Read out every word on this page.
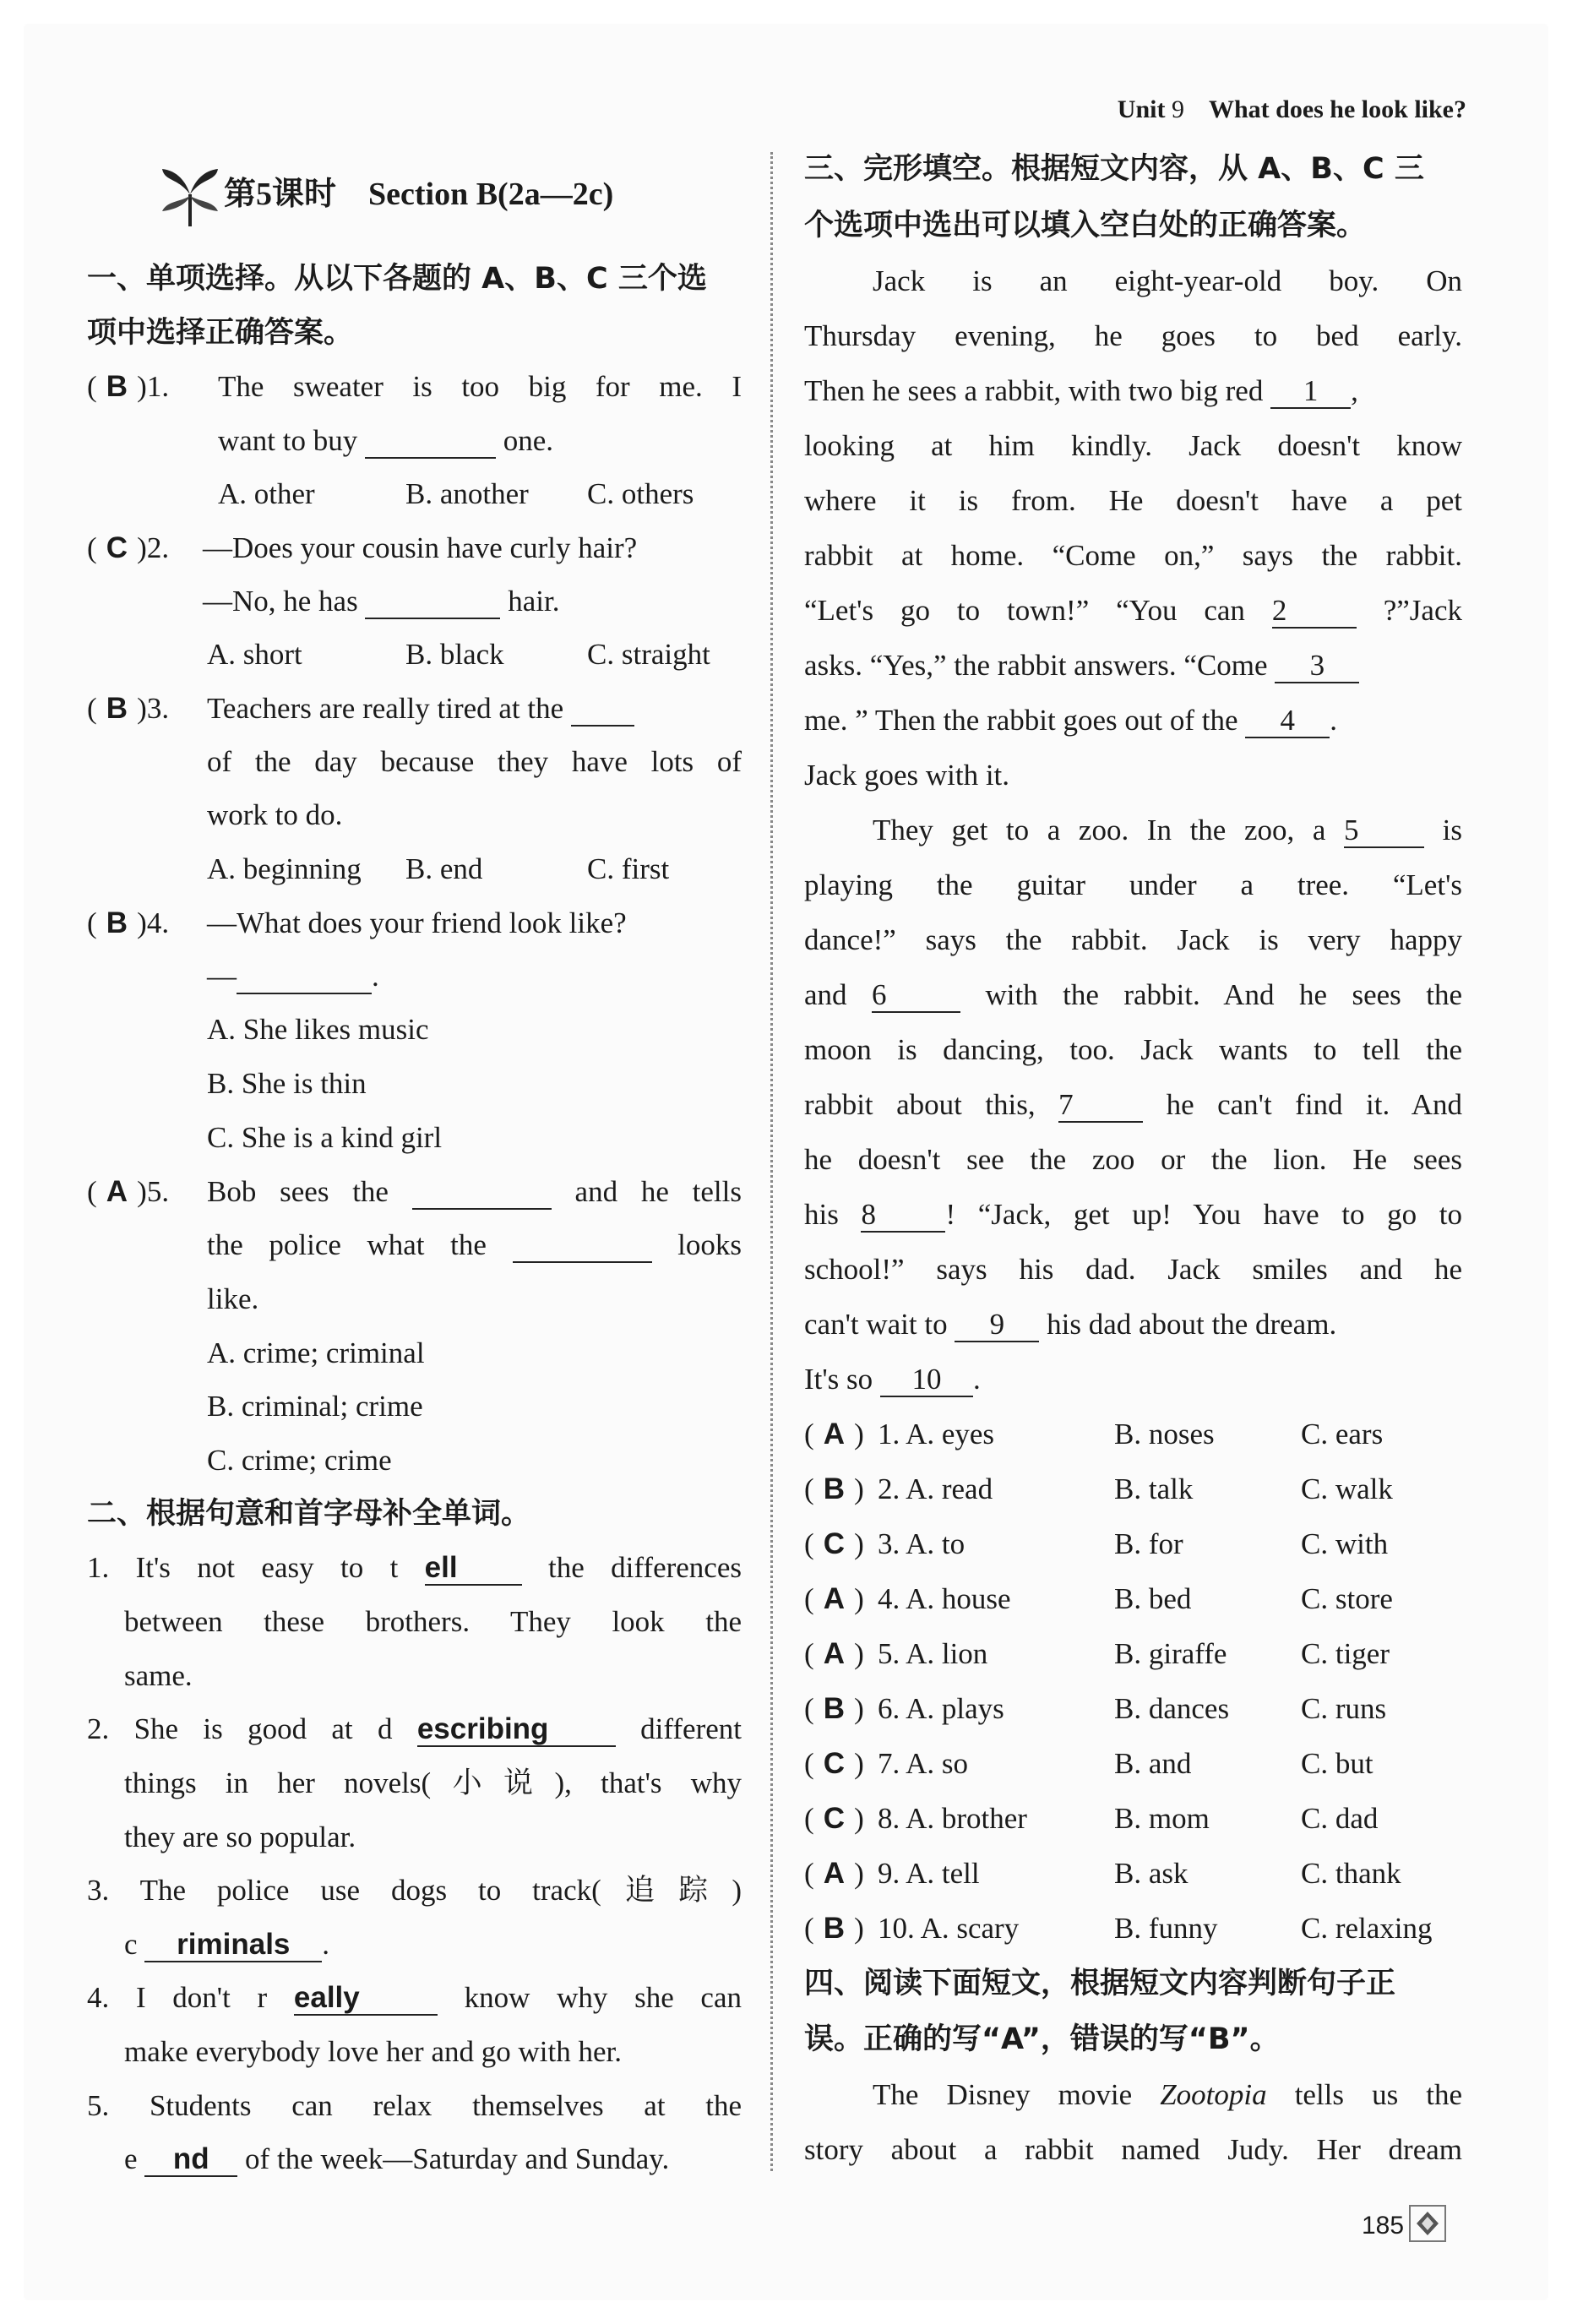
Unit 9 What does he look like?
第5课时　Section B(2a—2c)
一、单项选择。从以下各题的 A、B、C 三个选
项中选择正确答案。
( B )1. The sweater is too big for me. I
want to buy	one.
A. other	B. another C. others
( C )2. —Does your cousin have curly hair?
—No, he has	hair.
A. short	B. black	C. straight
( B )3. Teachers are really tired at the
of the day because they have lots of
work to do.
A. beginning B. end	C. first
( B )4. —What does your friend look like?
—	.
A. She likes music
B. She is thin
C. She is a kind girl
( A )5. Bob sees the	and he tells
the police what the	looks
like.
A. crime; criminal
B. criminal; crime
C. crime; crime
二、根据句意和首字母补全单词。
1. It's not easy to t ell	the differences
between these brothers. They look the
same.
2. She is good at d escribing	different
things in her novels(小说), that's why
they are so popular.
3. The police use dogs to track(追踪)
c riminals .
4. I don't r eally	know why she can
make everybody love her and go with her.
5. Students can relax themselves at the
e nd of the week—Saturday and Sunday.
三、完形填空。根据短文内容，从 A、B、C 三
个选项中选出可以填入空白处的正确答案。
Jack is an eight-year-old boy. On
Thursday evening, he goes to bed early.
Then he sees a rabbit, with two big red 1 ,
looking at him kindly. Jack doesn't know
where it is from. He doesn't have a pet
rabbit at home. “Come on,” says the rabbit.
“Let's go to town!” “You can 2	?”Jack
asks. “Yes,” the rabbit answers. “Come 3
me. ” Then the rabbit goes out of the 4 .
Jack goes with it.
They get to a zoo. In the zoo, a 5	is
playing the guitar under a tree. “Let's
dance!” says the rabbit. Jack is very happy
and 6	with the rabbit. And he sees the
moon is dancing, too. Jack wants to tell the
rabbit about this, 7	he can't find it. And
he doesn't see the zoo or the lion. He sees
his 8 ! “Jack, get up! You have to go to
school!” says his dad. Jack smiles and he
can't wait to 9 his dad about the dream.
It's so 10 .
( A ) 1. A. eyes	B. noses	C. ears
( B ) 2. A. read	B. talk	C. walk
( C ) 3. A. to	B. for	C. with
( A ) 4. A. house	B. bed	C. store
( A ) 5. A. lion	B. giraffe	C. tiger
( B ) 6. A. plays	B. dances C. runs
( C ) 7. A. so	B. and	C. but
( C ) 8. A. brother	B. mom	C. dad
( A ) 9. A. tell	B. ask	C. thank
( B ) 10. A. scary	B. funny	C. relaxing
四、阅读下面短文，根据短文内容判断句子正
误。正确的写“A”，错误的写“B”。
The Disney movie Zootopia tells us the
story about a rabbit named Judy. Her dream
185
